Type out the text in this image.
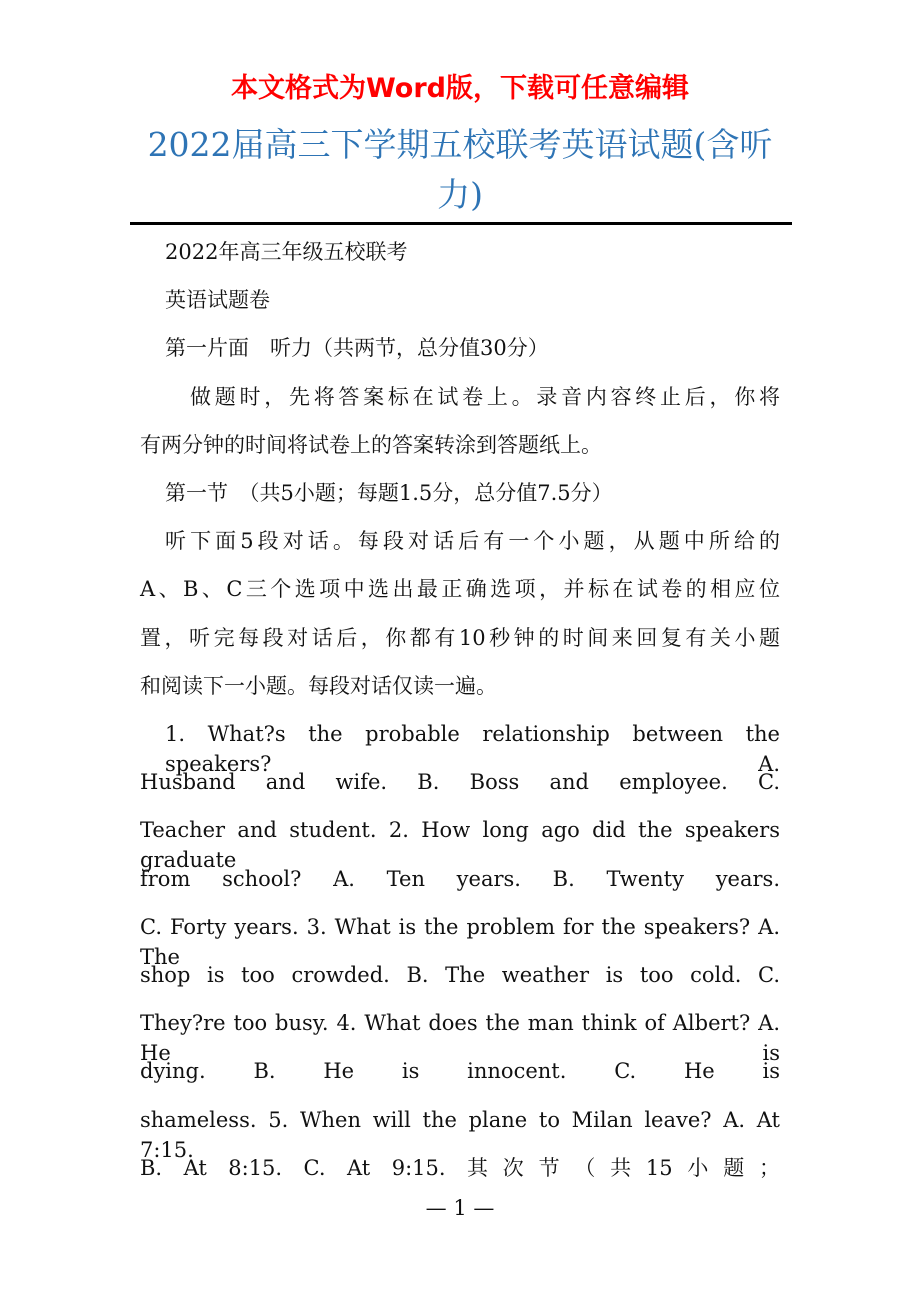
本文格式为Word版，下载可任意编辑
2022届高三下学期五校联考英语试题(含听力)
2022年高三年级五校联考
英语试题卷
第一片面　听力（共两节，总分值30分）
做题时，先将答案标在试卷上。录音内容终止后，你将
有两分钟的时间将试卷上的答案转涂到答题纸上。
第一节　（共5小题；每题1.5分，总分值7.5分）
听下面5段对话。每段对话后有一个小题，从题中所给的
A、B、C三个选项中选出最正确选项，并标在试卷的相应位
置，听完每段对话后，你都有10秒钟的时间来回复有关小题
和阅读下一小题。每段对话仅读一遍。
1. What?s the probable relationship between the speakers? A.
Husband and wife. B. Boss and employee. C.
Teacher and student. 2. How long ago did the speakers graduate
from school? A. Ten years. B. Twenty years.
C. Forty years. 3. What is the problem for the speakers? A. The
shop is too crowded. B. The weather is too cold. C.
They?re too busy. 4. What does the man think of Albert? A. He is
dying. B. He is innocent. C. He is
shameless. 5. When will the plane to Milan leave? A. At 7:15.
B. At 8:15. C. At 9:15. 其次节（共15小题；
— 1 —
